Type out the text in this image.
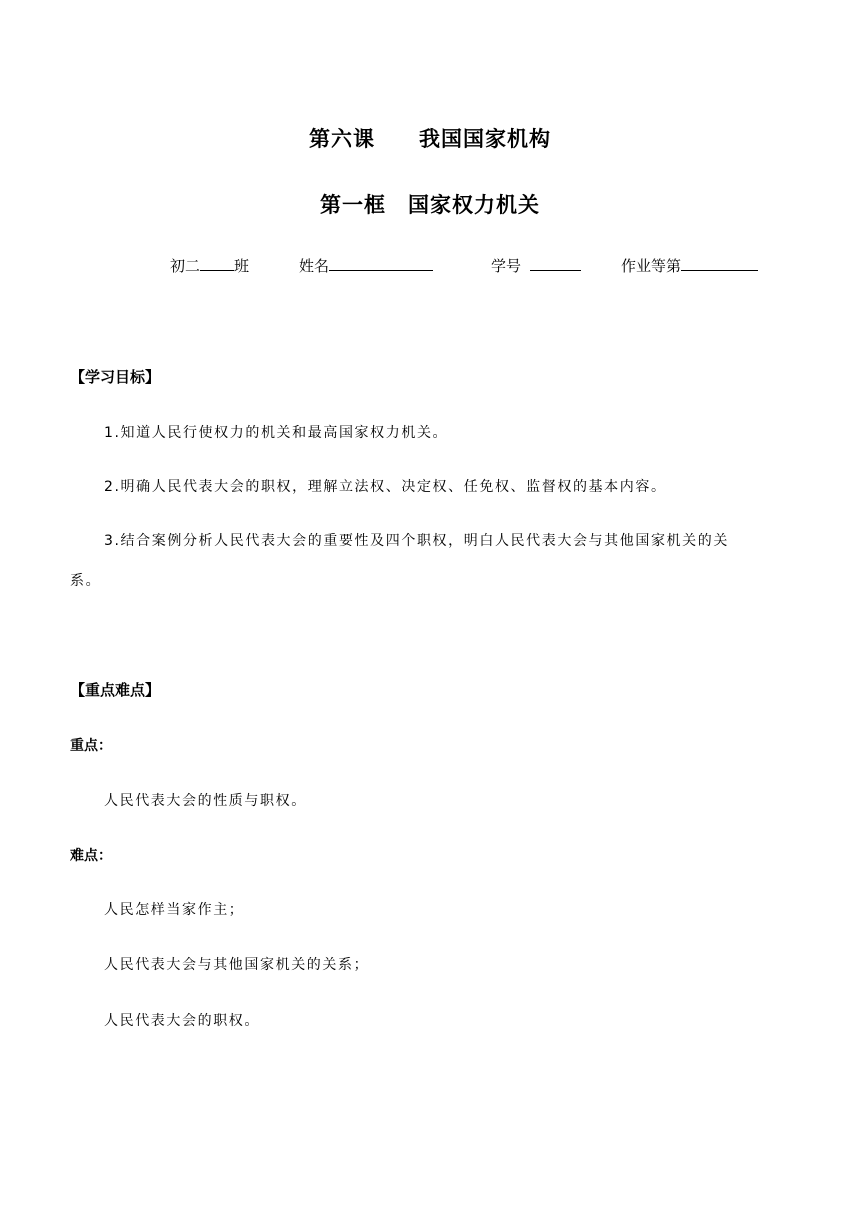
第六课　　我国国家机构
第一框　国家权力机关
初二 班	姓名	学号	作业等第
【学习目标】
1.知道人民行使权力的机关和最高国家权力机关。
2.明确人民代表大会的职权，理解立法权、决定权、任免权、监督权的基本内容。
3.结合案例分析人民代表大会的重要性及四个职权，明白人民代表大会与其他国家机关的关
系。
【重点难点】
重点：
人民代表大会的性质与职权。
难点：
人民怎样当家作主；
人民代表大会与其他国家机关的关系；
人民代表大会的职权。
